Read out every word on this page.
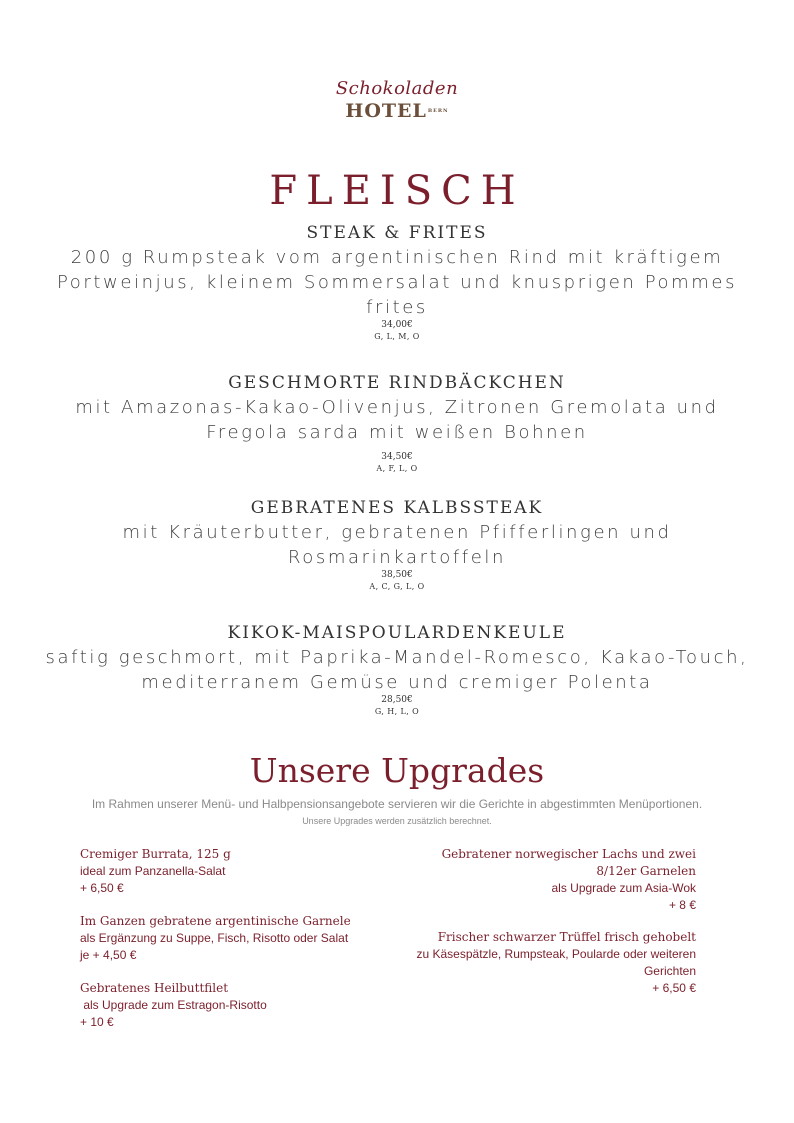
Schokoladen
$HOTEL^{BERN}$
FLEISCH
STEAK & FRITES
200 g Rumpsteak vom argentinischen Rind mit kräftigem Portweinjus, kleinem Sommersalat und knusprigen Pommes frites
34,00€
G, L, M, O
GESCHMORTE RINDBÄCKCHEN
mit Amazonas-Kakao-Olivenjus, Zitronen Gremolata und Fregola sarda mit weißen Bohnen
34,50€
A, F, L, O
GEBRATENES KALBSSTEAK
mit Kräuterbutter, gebratenen Pfifferlingen und Rosmarinkartoffeln
38,50€
A, C, G, L, O
KIKOK-MAISPOULARDENKEULE
saftig geschmort, mit Paprika-Mandel-Romesco, Kakao-Touch, mediterranem Gemüse und cremiger Polenta
28,50€
G, H, L, O
Unsere Upgrades
Im Rahmen unserer Menü- und Halbpensionsangebote servieren wir die Gerichte in abgestimmten Menüportionen.
Unsere Upgrades werden zusätzlich berechnet.
Cremiger Burrata, 125 g
ideal zum Panzanella-Salat
+ 6,50 €
Im Ganzen gebratene argentinische Garnele
als Ergänzung zu Suppe, Fisch, Risotto oder Salat
je + 4,50 €
Gebratenes Heilbuttfilet
als Upgrade zum Estragon-Risotto
+ 10 €
Gebratener norwegischer Lachs und zwei 8/12er Garnelen
als Upgrade zum Asia-Wok
+ 8 €
Frischer schwarzer Trüffel frisch gehobelt
zu Käsespätzle, Rumpsteak, Poularde oder weiteren Gerichten
+ 6,50 €
